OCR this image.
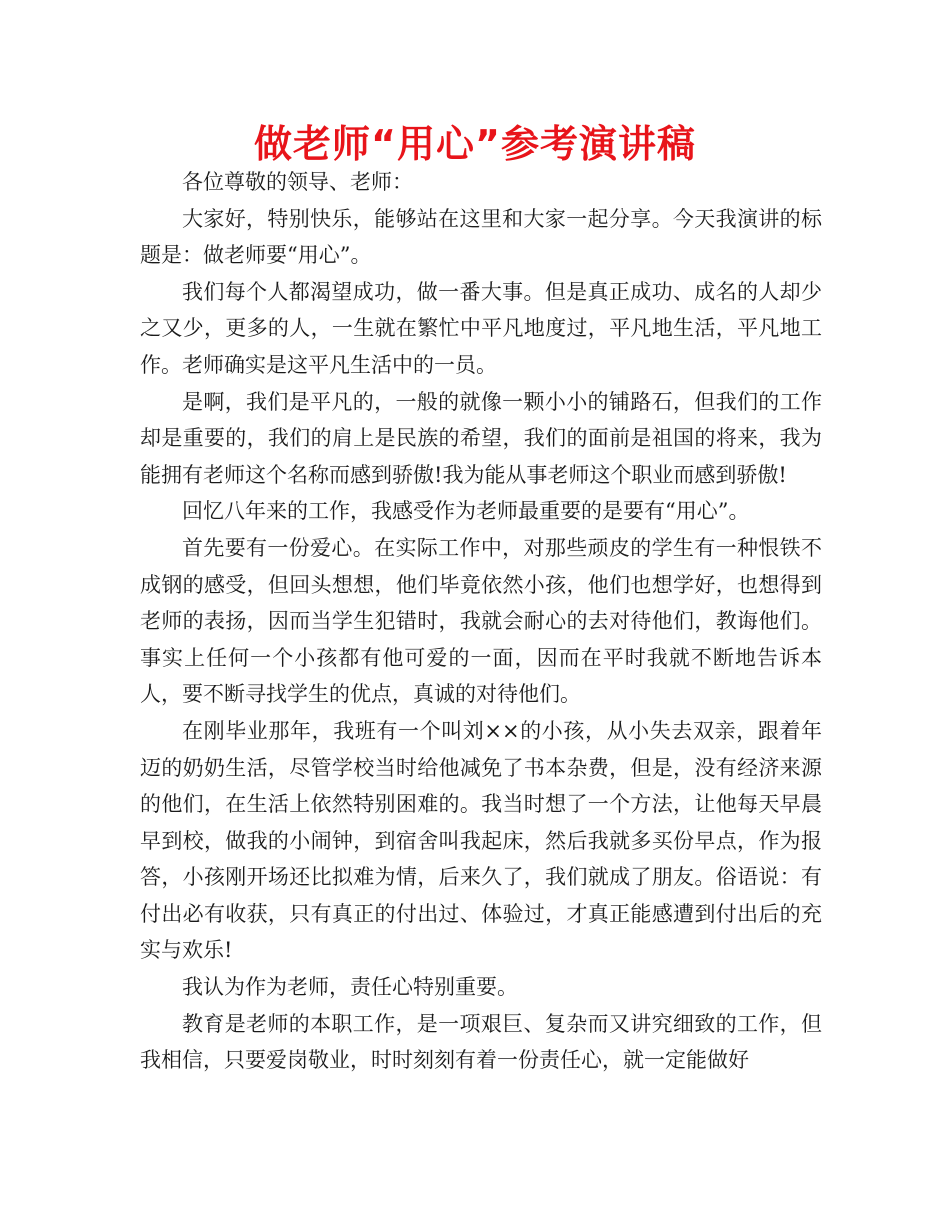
做老师“用心”参考演讲稿

各位尊敬的领导、老师：

大家好，特别快乐，能够站在这里和大家一起分享。今天我演讲的标题是：做老师要“用心”。

我们每个人都渴望成功，做一番大事。但是真正成功、成名的人却少之又少，更多的人，一生就在繁忙中平凡地度过，平凡地生活，平凡地工作。老师确实是这平凡生活中的一员。

是啊，我们是平凡的，一般的就像一颗小小的铺路石，但我们的工作却是重要的，我们的肩上是民族的希望，我们的面前是祖国的将来，我为能拥有老师这个名称而感到骄傲!我为能从事老师这个职业而感到骄傲!

回忆八年来的工作，我感受作为老师最重要的是要有“用心”。

首先要有一份爱心。在实际工作中，对那些顽皮的学生有一种恨铁不成钢的感受，但回头想想，他们毕竟依然小孩，他们也想学好，也想得到老师的表扬，因而当学生犯错时，我就会耐心的去对待他们，教诲他们。事实上任何一个小孩都有他可爱的一面，因而在平时我就不断地告诉本人，要不断寻找学生的优点，真诚的对待他们。

在刚毕业那年，我班有一个叫刘××的小孩，从小失去双亲，跟着年迈的奶奶生活，尽管学校当时给他减免了书本杂费，但是，没有经济来源的他们，在生活上依然特别困难的。我当时想了一个方法，让他每天早晨早到校，做我的小闹钟，到宿舍叫我起床，然后我就多买份早点，作为报答，小孩刚开场还比拟难为情，后来久了，我们就成了朋友。俗语说：有付出必有收获，只有真正的付出过、体验过，才真正能感遭到付出后的充实与欢乐!

我认为作为老师，责任心特别重要。

教育是老师的本职工作，是一项艰巨、复杂而又讲究细致的工作，但我相信，只要爱岗敬业，时时刻刻有着一份责任心，就一定能做好
